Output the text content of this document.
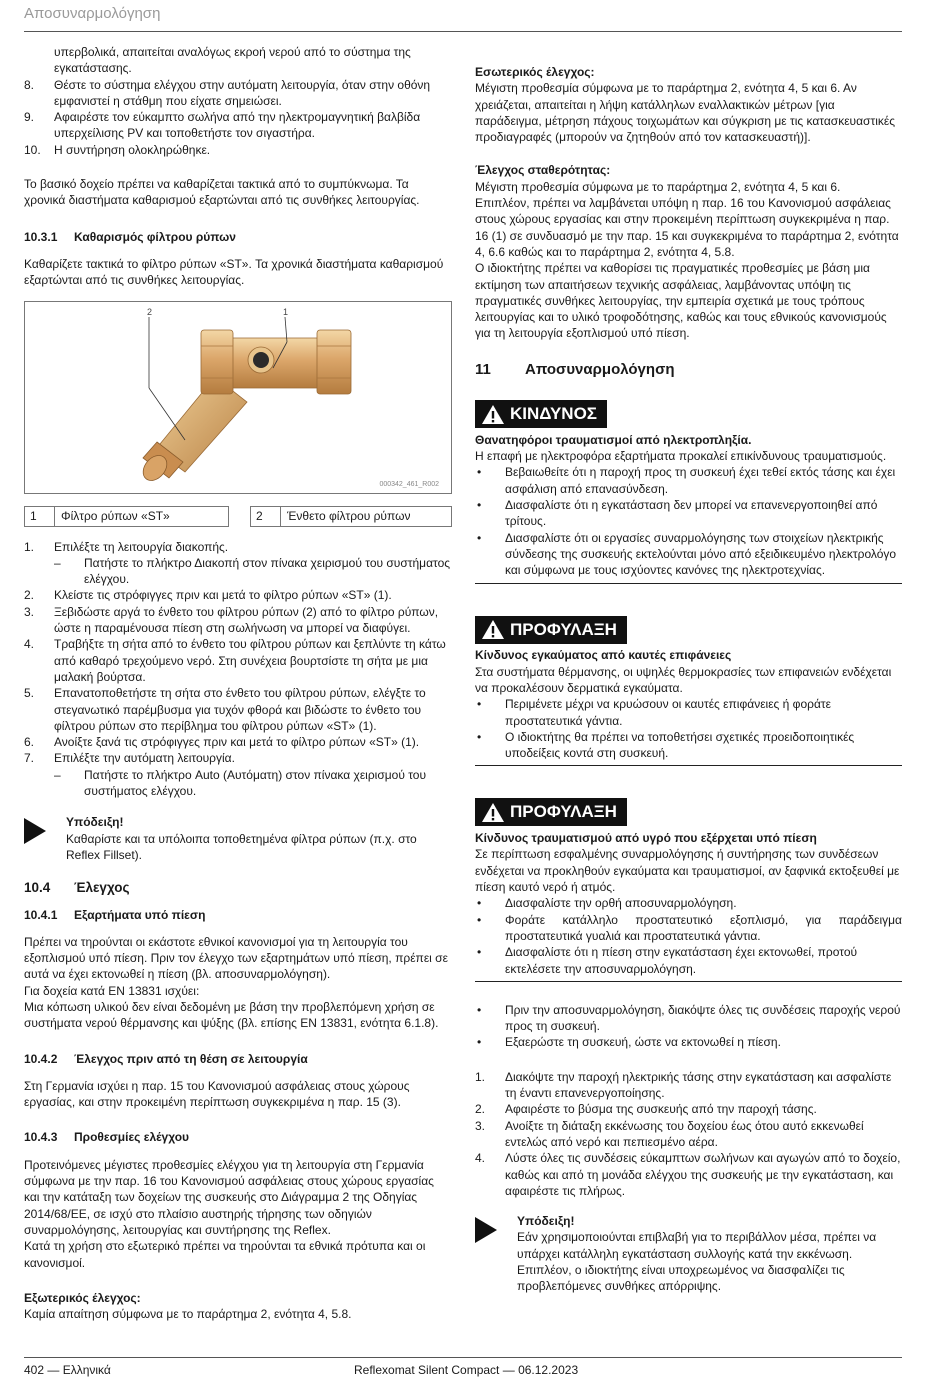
Αποσυναρμολόγηση

υπερβολικά, απαιτείται αναλόγως εκροή νερού από το σύστημα της εγκατάστασης.

8. Θέστε το σύστημα ελέγχου στην αυτόματη λειτουργία, όταν στην οθόνη εμφανιστεί η στάθμη που είχατε σημειώσει.
9. Αφαιρέστε τον εύκαμπτο σωλήνα από την ηλεκτρομαγνητική βαλβίδα υπερχείλισης PV και τοποθετήστε τον σιγαστήρα.
10. Η συντήρηση ολοκληρώθηκε.

Το βασικό δοχείο πρέπει να καθαρίζεται τακτικά από το συμπύκνωμα. Τα χρονικά διαστήματα καθαρισμού εξαρτώνται από τις συνθήκες λειτουργίας.

10.3.1 Καθαρισμός φίλτρου ρύπων

Καθαρίζετε τακτικά το φίλτρο ρύπων «ST». Τα χρονικά διαστήματα καθαρισμού εξαρτώνται από τις συνθήκες λειτουργίας.

2	1
000342_461_R002
1	Φίλτρο ρύπων «ST»	2	Ένθετο φίλτρου ρύπων
1. Επιλέξτε τη λειτουργία διακοπής.
– Πατήστε το πλήκτρο Διακοπή στον πίνακα χειρισμού του συστήματος ελέγχου.
2. Κλείστε τις στρόφιγγες πριν και μετά το φίλτρο ρύπων «ST» (1).
3. Ξεβιδώστε αργά το ένθετο του φίλτρου ρύπων (2) από το φίλτρο ρύπων, ώστε η παραμένουσα πίεση στη σωλήνωση να μπορεί να διαφύγει.
4. Τραβήξτε τη σήτα από το ένθετο του φίλτρου ρύπων και ξεπλύντε τη κάτω από καθαρό τρεχούμενο νερό. Στη συνέχεια βουρτσίστε τη σήτα με μια μαλακή βούρτσα.
5. Επανατοποθετήστε τη σήτα στο ένθετο του φίλτρου ρύπων, ελέγξτε το στεγανωτικό παρέμβυσμα για τυχόν φθορά και βιδώστε το ένθετο του φίλτρου ρύπων στο περίβλημα του φίλτρου ρύπων «ST» (1).
6. Ανοίξτε ξανά τις στρόφιγγες πριν και μετά το φίλτρο ρύπων «ST» (1).
7. Επιλέξτε την αυτόματη λειτουργία.
– Πατήστε το πλήκτρο Auto (Αυτόματη) στον πίνακα χειρισμού του συστήματος ελέγχου.
Υπόδειξη!
Καθαρίστε και τα υπόλοιπα τοποθετημένα φίλτρα ρύπων (π.χ. στο Reflex Fillset).
10.4 Έλεγχος
10.4.1 Εξαρτήματα υπό πίεση

Πρέπει να τηρούνται οι εκάστοτε εθνικοί κανονισμοί για τη λειτουργία του εξοπλισμού υπό πίεση. Πριν τον έλεγχο των εξαρτημάτων υπό πίεση, πρέπει σε αυτά να έχει εκτονωθεί η πίεση (βλ. αποσυναρμολόγηση).

Για δοχεία κατά EN 13831 ισχύει:

Μια κόπωση υλικού δεν είναι δεδομένη με βάση την προβλεπόμενη χρήση σε συστήματα νερού θέρμανσης και ψύξης (βλ. επίσης EN 13831, ενότητα 6.1.8).

10.4.2 Έλεγχος πριν από τη θέση σε λειτουργία

Στη Γερμανία ισχύει η παρ. 15 του Κανονισμού ασφάλειας στους χώρους εργασίας, και στην προκειμένη περίπτωση συγκεκριμένα η παρ. 15 (3).

10.4.3 Προθεσμίες ελέγχου

Προτεινόμενες μέγιστες προθεσμίες ελέγχου για τη λειτουργία στη Γερμανία σύμφωνα με την παρ. 16 του Κανονισμού ασφάλειας στους χώρους εργασίας και την κατάταξη των δοχείων της συσκευής στο Διάγραμμα 2 της Οδηγίας 2014/68/ΕΕ, σε ισχύ στο πλαίσιο αυστηρής τήρησης των οδηγιών συναρμολόγησης, λειτουργίας και συντήρησης της Reflex.

Κατά τη χρήση στο εξωτερικό πρέπει να τηρούνται τα εθνικά πρότυπα και οι κανονισμοί.

Εξωτερικός έλεγχος:

Καμία απαίτηση σύμφωνα με το παράρτημα 2, ενότητα 4, 5.8.

Εσωτερικός έλεγχος:

Μέγιστη προθεσμία σύμφωνα με το παράρτημα 2, ενότητα 4, 5 και 6. Αν χρειάζεται, απαιτείται η λήψη κατάλληλων εναλλακτικών μέτρων [για παράδειγμα, μέτρηση πάχους τοιχωμάτων και σύγκριση με τις κατασκευαστικές προδιαγραφές (μπορούν να ζητηθούν από τον κατασκευαστή)].

Έλεγχος σταθερότητας:

Μέγιστη προθεσμία σύμφωνα με το παράρτημα 2, ενότητα 4, 5 και 6.

Επιπλέον, πρέπει να λαμβάνεται υπόψη η παρ. 16 του Κανονισμού ασφάλειας στους χώρους εργασίας και στην προκειμένη περίπτωση συγκεκριμένα η παρ. 16 (1) σε συνδυασμό με την παρ. 15 και συγκεκριμένα το παράρτημα 2, ενότητα 4, 6.6 καθώς και το παράρτημα 2, ενότητα 4, 5.8.

Ο ιδιοκτήτης πρέπει να καθορίσει τις πραγματικές προθεσμίες με βάση μια εκτίμηση των απαιτήσεων τεχνικής ασφάλειας, λαμβάνοντας υπόψη τις πραγματικές συνθήκες λειτουργίας, την εμπειρία σχετικά με τους τρόπους λειτουργίας και το υλικό τροφοδότησης, καθώς και τους εθνικούς κανονισμούς για τη λειτουργία εξοπλισμού υπό πίεση.

11 Αποσυναρμολόγηση
ΚΙΝΔΥΝΟΣ

Θανατηφόροι τραυματισμοί από ηλεκτροπληξία.

Η επαφή με ηλεκτροφόρα εξαρτήματα προκαλεί επικίνδυνους τραυματισμούς.

• Βεβαιωθείτε ότι η παροχή προς τη συσκευή έχει τεθεί εκτός τάσης και έχει ασφάλιση από επανασύνδεση.
• Διασφαλίστε ότι η εγκατάσταση δεν μπορεί να επανενεργοποιηθεί από τρίτους.
• Διασφαλίστε ότι οι εργασίες συναρμολόγησης των στοιχείων ηλεκτρικής σύνδεσης της συσκευής εκτελούνται μόνο από εξειδικευμένο ηλεκτρολόγο και σύμφωνα με τους ισχύοντες κανόνες της ηλεκτροτεχνίας.
ΠΡΟΦΥΛΑΞΗ

Κίνδυνος εγκαύματος από καυτές επιφάνειες

Στα συστήματα θέρμανσης, οι υψηλές θερμοκρασίες των επιφανειών ενδέχεται να προκαλέσουν δερματικά εγκαύματα.

• Περιμένετε μέχρι να κρυώσουν οι καυτές επιφάνειες ή φοράτε προστατευτικά γάντια.
• Ο ιδιοκτήτης θα πρέπει να τοποθετήσει σχετικές προειδοποιητικές υποδείξεις κοντά στη συσκευή.
ΠΡΟΦΥΛΑΞΗ

Κίνδυνος τραυματισμού από υγρό που εξέρχεται υπό πίεση

Σε περίπτωση εσφαλμένης συναρμολόγησης ή συντήρησης των συνδέσεων ενδέχεται να προκληθούν εγκαύματα και τραυματισμοί, αν ξαφνικά εκτοξευθεί με πίεση καυτό νερό ή ατμός.

• Διασφαλίστε την ορθή αποσυναρμολόγηση.
• Φοράτε κατάλληλο προστατευτικό εξοπλισμό, για παράδειγμα προστατευτικά γυαλιά και προστατευτικά γάντια.
• Διασφαλίστε ότι η πίεση στην εγκατάσταση έχει εκτονωθεί, προτού εκτελέσετε την αποσυναρμολόγηση.
• Πριν την αποσυναρμολόγηση, διακόψτε όλες τις συνδέσεις παροχής νερού προς τη συσκευή.
• Εξαερώστε τη συσκευή, ώστε να εκτονωθεί η πίεση.
1. Διακόψτε την παροχή ηλεκτρικής τάσης στην εγκατάσταση και ασφαλίστε τη έναντι επανενεργοποίησης.
2. Αφαιρέστε το βύσμα της συσκευής από την παροχή τάσης.
3. Ανοίξτε τη διάταξη εκκένωσης του δοχείου έως ότου αυτό εκκενωθεί εντελώς από νερό και πεπιεσμένο αέρα.
4. Λύστε όλες τις συνδέσεις εύκαμπτων σωλήνων και αγωγών από το δοχείο, καθώς και από τη μονάδα ελέγχου της συσκευής με την εγκατάσταση, και αφαιρέστε τις πλήρως.
Υπόδειξη!
Εάν χρησιμοποιούνται επιβλαβή για το περιβάλλον μέσα, πρέπει να υπάρχει κατάλληλη εγκατάσταση συλλογής κατά την εκκένωση. Επιπλέον, ο ιδιοκτήτης είναι υποχρεωμένος να διασφαλίζει τις προβλεπόμενες συνθήκες απόρριψης.
402 — Ελληνικά	Reflexomat Silent Compact — 06.12.2023
